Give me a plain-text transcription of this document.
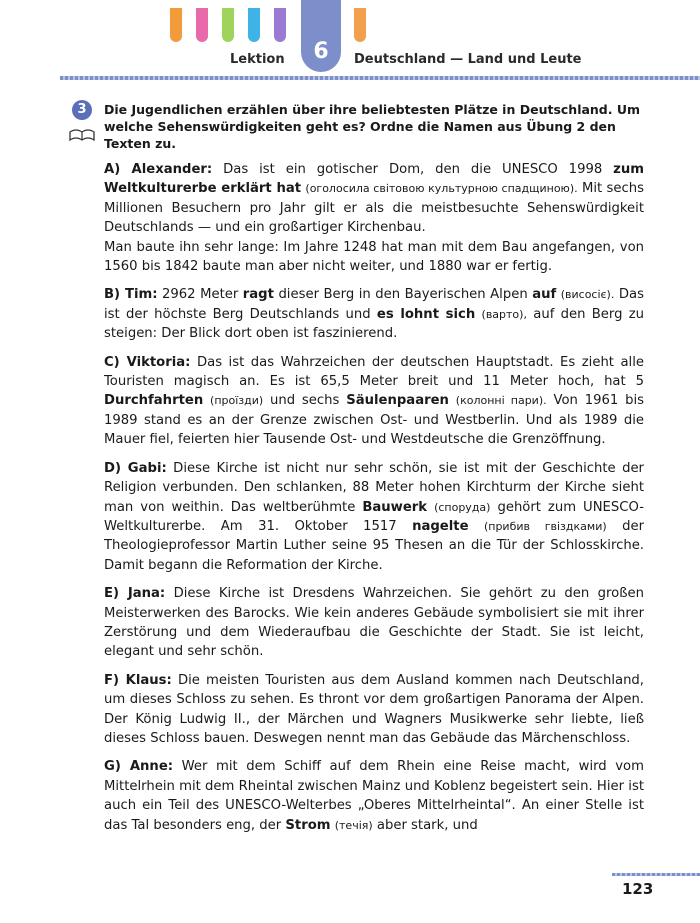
6
Lektion	Deutschland — Land und Leute
3	Die Jugendlichen erzählen über ihre beliebtesten Plätze in Deutschland. Um welche Sehenswürdigkeiten geht es? Ordne die Namen aus Übung 2 den Texten zu.

A) Alexander: Das ist ein gotischer Dom, den die UNESCO 1998 zum Weltkulturerbe erklärt hat (оголосила світовою культурною спадщиною). Mit sechs Millionen Besuchern pro Jahr gilt er als die meistbesuchte Sehenswürdigkeit Deutschlands — und ein großartiger Kirchenbau.
Man baute ihn sehr lange: Im Jahre 1248 hat man mit dem Bau angefangen, von 1560 bis 1842 baute man aber nicht weiter, und 1880 war er fertig.

B) Tim: 2962 Meter ragt dieser Berg in den Bayerischen Alpen auf (висоcіє). Das ist der höchste Berg Deutschlands und es lohnt sich (варто), auf den Berg zu steigen: Der Blick dort oben ist faszinierend.

C) Viktoria: Das ist das Wahrzeichen der deutschen Hauptstadt. Es zieht alle Touristen magisch an. Es ist 65,5 Meter breit und 11 Meter hoch, hat 5 Durchfahrten (проїзди) und sechs Säulenpaaren (колонні пари). Von 1961 bis 1989 stand es an der Grenze zwischen Ost- und Westberlin. Und als 1989 die Mauer fiel, feierten hier Tausende Ost- und Westdeutsche die Grenzöffnung.

D) Gabi: Diese Kirche ist nicht nur sehr schön, sie ist mit der Geschichte der Religion verbunden. Den schlanken, 88 Meter hohen Kirchturm der Kirche sieht man von weithin. Das weltberühmte Bauwerk (споруда) gehört zum UNESCO-Weltkulturerbe. Am 31. Oktober 1517 nagelte (прибив гвіздками) der Theologieprofessor Martin Luther seine 95 Thesen an die Tür der Schlosskirche. Damit begann die Reformation der Kirche.

E) Jana: Diese Kirche ist Dresdens Wahrzeichen. Sie gehört zu den großen Meisterwerken des Barocks. Wie kein anderes Gebäude symbolisiert sie mit ihrer Zerstörung und dem Wiederaufbau die Geschichte der Stadt. Sie ist leicht, elegant und sehr schön.

F) Klaus: Die meisten Touristen aus dem Ausland kommen nach Deutschland, um dieses Schloss zu sehen. Es thront vor dem großartigen Panorama der Alpen. Der König Ludwig II., der Märchen und Wagners Musikwerke sehr liebte, ließ dieses Schloss bauen. Deswegen nennt man das Gebäude das Märchenschloss.

G) Anne: Wer mit dem Schiff auf dem Rhein eine Reise macht, wird vom Mittelrhein mit dem Rheintal zwischen Mainz und Koblenz begeistert sein. Hier ist auch ein Teil des UNESCO-Welterbes „Oberes Mittelrheintal“. An einer Stelle ist das Tal besonders eng, der Strom (течія) aber stark, und

123
